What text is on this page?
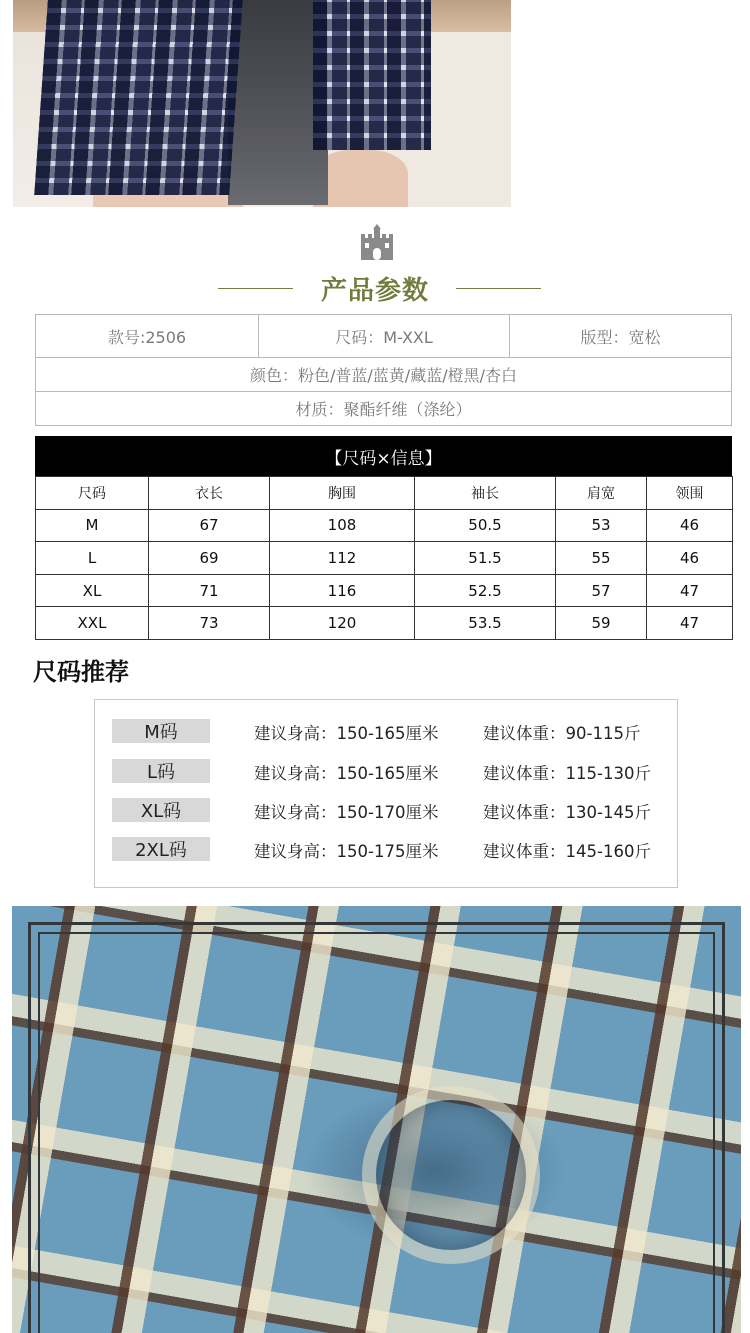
产品参数
款号:2506	尺码：M-XXL	版型：宽松
颜色：粉色/普蓝/蓝黄/藏蓝/橙黑/杏白
材质：聚酯纤维（涤纶）
【尺码×信息】
尺码	衣长	胸围	袖长	肩宽	领围
M	67	108	50.5	53	46
L	69	112	51.5	55	46
XL	71	116	52.5	57	47
XXL	73	120	53.5	59	47
尺码推荐
M码	建议身高：150-165厘米	建议体重：90-115斤
L码	建议身高：150-165厘米	建议体重：115-130斤
XL码	建议身高：150-170厘米	建议体重：130-145斤
2XL码	建议身高：150-175厘米	建议体重：145-160斤
